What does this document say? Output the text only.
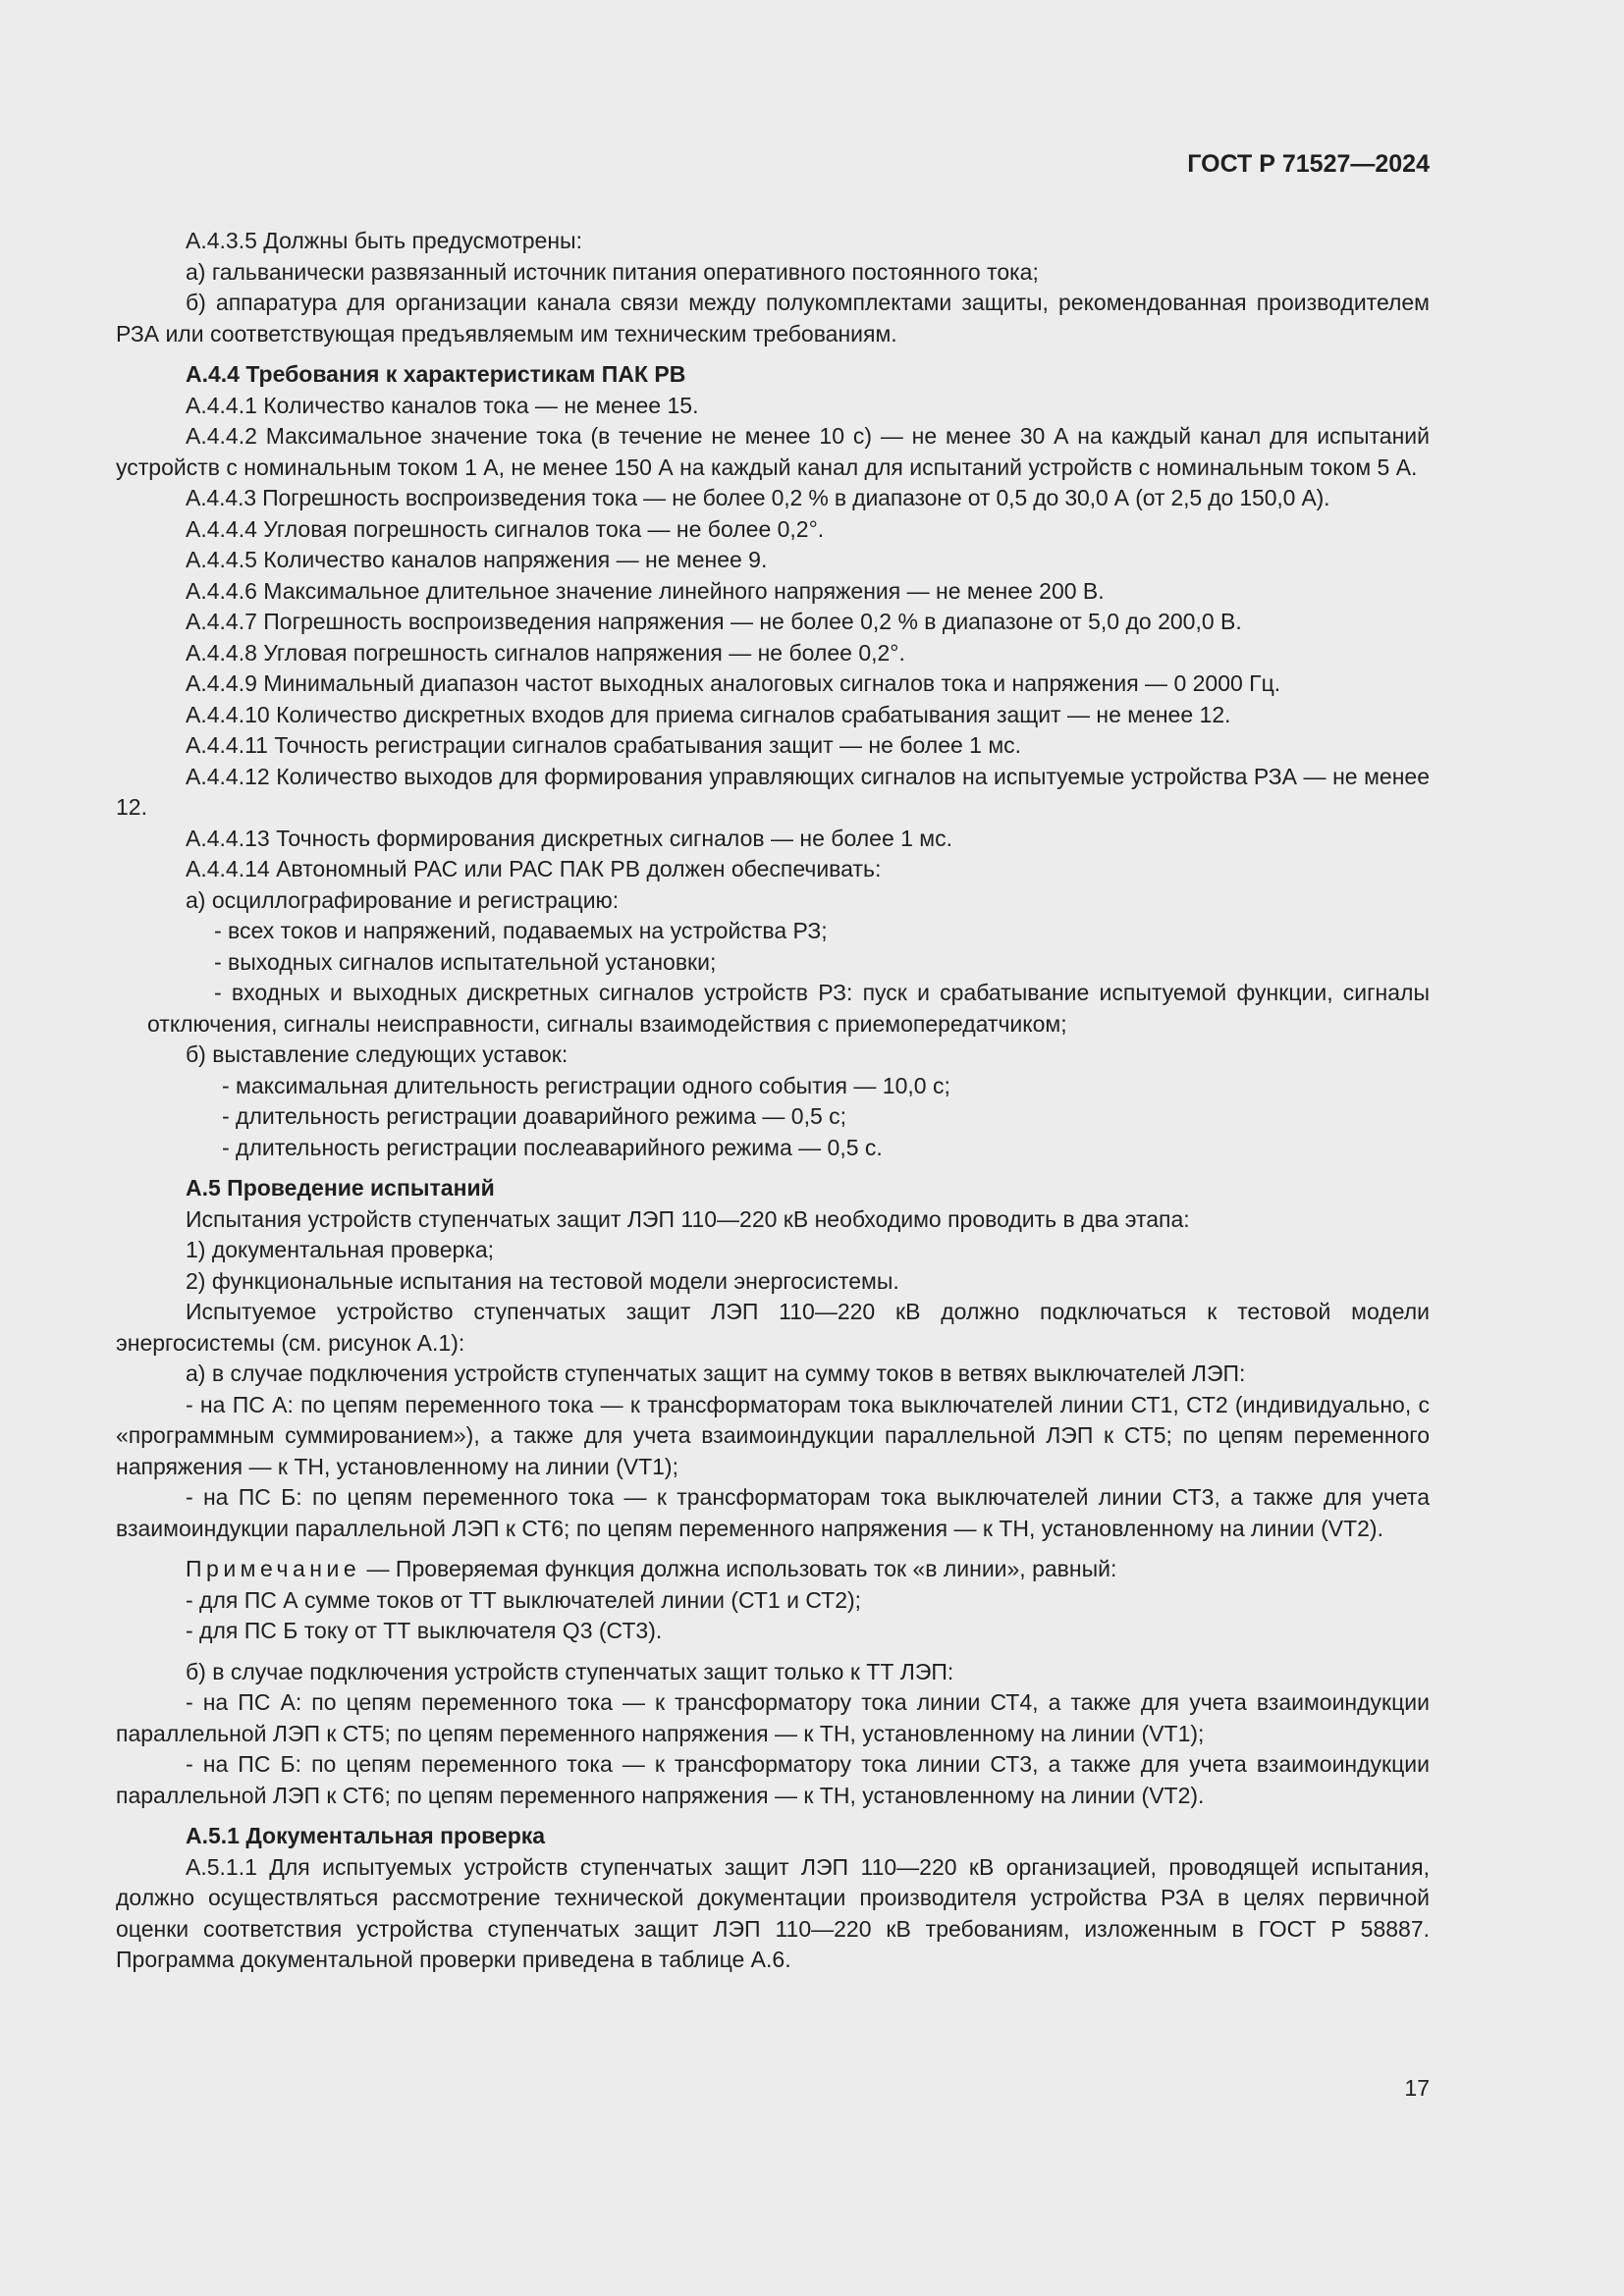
ГОСТ Р 71527—2024

А.4.3.5 Должны быть предусмотрены:

а) гальванически развязанный источник питания оперативного постоянного тока;

б) аппаратура для организации канала связи между полукомплектами защиты, рекомендованная производителем РЗА или соответствующая предъявляемым им техническим требованиям.

А.4.4 Требования к характеристикам ПАК РВ

А.4.4.1 Количество каналов тока — не менее 15.

А.4.4.2 Максимальное значение тока (в течение не менее 10 с) — не менее 30 А на каждый канал для испытаний устройств с номинальным током 1 А, не менее 150 А на каждый канал для испытаний устройств с номинальным током 5 А.

А.4.4.3 Погрешность воспроизведения тока — не более 0,2 % в диапазоне от 0,5 до 30,0 А (от 2,5 до 150,0 А).

А.4.4.4 Угловая погрешность сигналов тока — не более 0,2°.

А.4.4.5 Количество каналов напряжения — не менее 9.

А.4.4.6 Максимальное длительное значение линейного напряжения — не менее 200 В.

А.4.4.7 Погрешность воспроизведения напряжения — не более 0,2 % в диапазоне от 5,0 до 200,0 В.

А.4.4.8 Угловая погрешность сигналов напряжения — не более 0,2°.

А.4.4.9 Минимальный диапазон частот выходных аналоговых сигналов тока и напряжения — 0 2000 Гц.

А.4.4.10 Количество дискретных входов для приема сигналов срабатывания защит — не менее 12.

А.4.4.11 Точность регистрации сигналов срабатывания защит — не более 1 мс.

А.4.4.12 Количество выходов для формирования управляющих сигналов на испытуемые устройства РЗА — не менее 12.

А.4.4.13 Точность формирования дискретных сигналов — не более 1 мс.

А.4.4.14 Автономный РАС или РАС ПАК РВ должен обеспечивать:

а) осциллографирование и регистрацию:

- всех токов и напряжений, подаваемых на устройства РЗ;

- выходных сигналов испытательной установки;

- входных и выходных дискретных сигналов устройств РЗ: пуск и срабатывание испытуемой функции, сигналы отключения, сигналы неисправности, сигналы взаимодействия с приемопередатчиком;

б) выставление следующих уставок:

- максимальная длительность регистрации одного события — 10,0 с;

- длительность регистрации доаварийного режима — 0,5 с;

- длительность регистрации послеаварийного режима — 0,5 с.

А.5 Проведение испытаний

Испытания устройств ступенчатых защит ЛЭП 110—220 кВ необходимо проводить в два этапа:

1) документальная проверка;

2) функциональные испытания на тестовой модели энергосистемы.

Испытуемое устройство ступенчатых защит ЛЭП 110—220 кВ должно подключаться к тестовой модели энергосистемы (см. рисунок А.1):

а) в случае подключения устройств ступенчатых защит на сумму токов в ветвях выключателей ЛЭП:

- на ПС А: по цепям переменного тока — к трансформаторам тока выключателей линии СТ1, СТ2 (индивидуально, с «программным суммированием»), а также для учета взаимоиндукции параллельной ЛЭП к СТ5; по цепям переменного напряжения — к ТН, установленному на линии (VT1);

- на ПС Б: по цепям переменного тока — к трансформаторам тока выключателей линии СТ3, а также для учета взаимоиндукции параллельной ЛЭП к СТ6; по цепям переменного напряжения — к ТН, установленному на линии (VT2).

Примечание — Проверяемая функция должна использовать ток «в линии», равный:

- для ПС А сумме токов от ТТ выключателей линии (СТ1 и СТ2);

- для ПС Б току от ТТ выключателя Q3 (СТ3).

б) в случае подключения устройств ступенчатых защит только к ТТ ЛЭП:

- на ПС А: по цепям переменного тока — к трансформатору тока линии СТ4, а также для учета взаимоиндукции параллельной ЛЭП к СТ5; по цепям переменного напряжения — к ТН, установленному на линии (VT1);

- на ПС Б: по цепям переменного тока — к трансформатору тока линии СТ3, а также для учета взаимоиндукции параллельной ЛЭП к СТ6; по цепям переменного напряжения — к ТН, установленному на линии (VT2).

А.5.1 Документальная проверка

А.5.1.1 Для испытуемых устройств ступенчатых защит ЛЭП 110—220 кВ организацией, проводящей испытания, должно осуществляться рассмотрение технической документации производителя устройства РЗА в целях первичной оценки соответствия устройства ступенчатых защит ЛЭП 110—220 кВ требованиям, изложенным в ГОСТ Р 58887. Программа документальной проверки приведена в таблице А.6.

17
